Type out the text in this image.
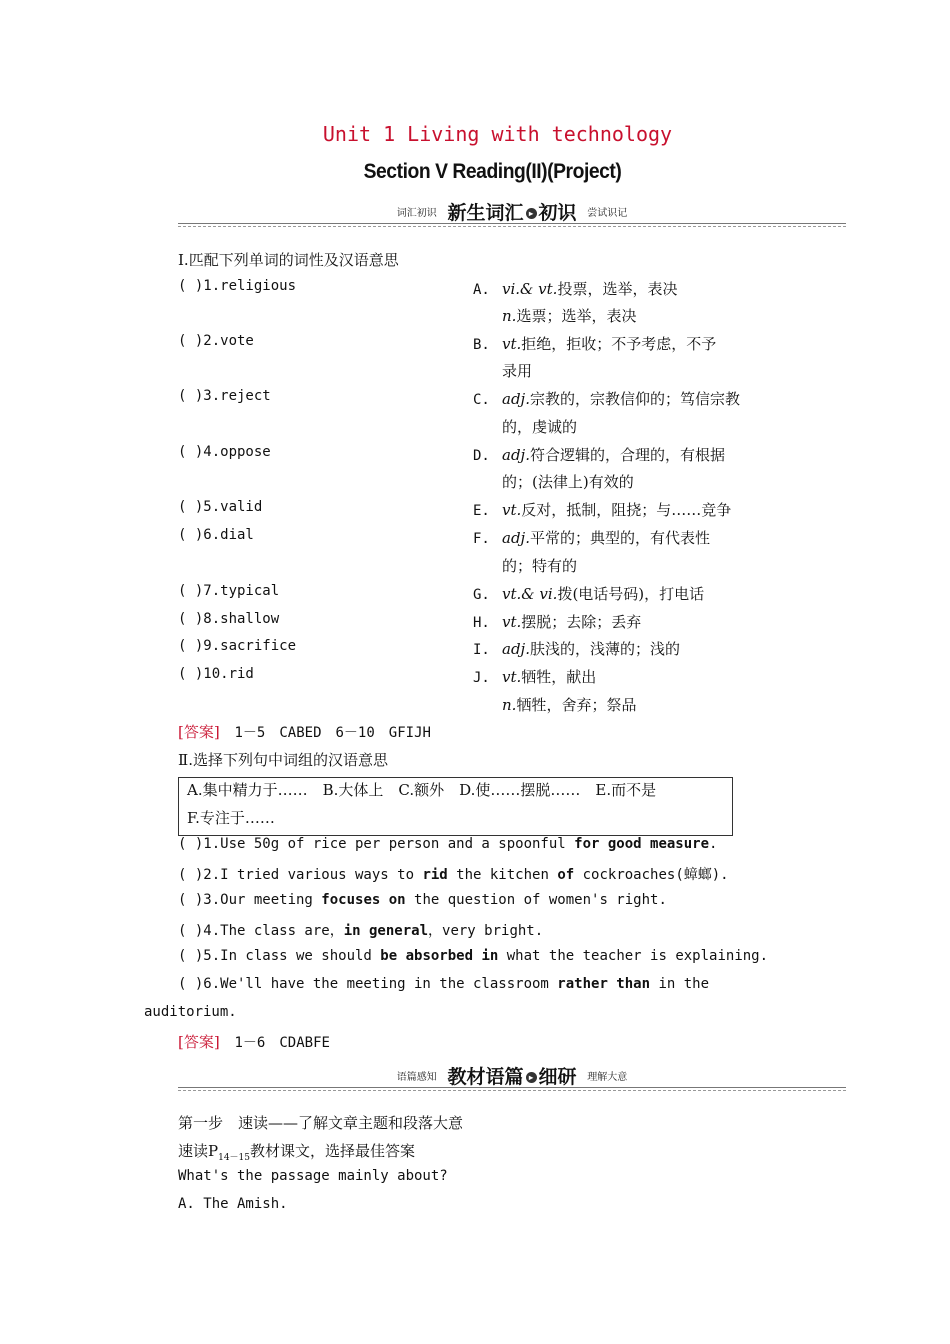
Unit 1 Living with technology
Section V Reading(II)(Project)
词汇初识 新生词汇 ▸ 初识 尝试识记
Ⅰ.匹配下列单词的词性及汉语意思
( )1.religious
( )2.vote
( )3.reject
( )4.oppose
( )5.valid
( )6.dial
( )7.typical
( )8.shallow
( )9.sacrifice
( )10.rid
A. vi.& vt.投票，选举，表决
n.选票；选举，表决
B. vt.拒绝，拒收；不予考虑，不予
录用
C. adj.宗教的，宗教信仰的；笃信宗教
的，虔诚的
D. adj.符合逻辑的，合理的，有根据
的；(法律上)有效的
E. vt.反对，抵制，阻挠；与……竞争
F. adj.平常的；典型的，有代表性
的；特有的
G. vt.& vi.拨(电话号码)，打电话
H. vt.摆脱；去除；丢弃
I. adj.肤浅的，浅薄的；浅的
J. vt.牺牲，献出
n.牺牲，舍弃；祭品
[答案] 1－5　CABED　6－10　GFIJH
Ⅱ.选择下列句中词组的汉语意思
A.集中精力于……　B.大体上　C.额外　D.使……摆脱……　E.而不是
F.专注于……
( )1.Use 50g of rice per person and a spoonful for good measure.
( )2.I tried various ways to rid the kitchen of cockroaches(蟑螂).
( )3.Our meeting focuses on the question of women's right.
( )4.The class are，in general，very bright.
( )5.In class we should be absorbed in what the teacher is explaining.
( )6.We'll have the meeting in the classroom rather than in the
auditorium.
[答案] 1－6　CDABFE
语篇感知 教材语篇 ▸ 细研 理解大意
第一步　速读——了解文章主题和段落大意
速读$P_{14-15}$教材课文，选择最佳答案
What's the passage mainly about?
A. The Amish.
